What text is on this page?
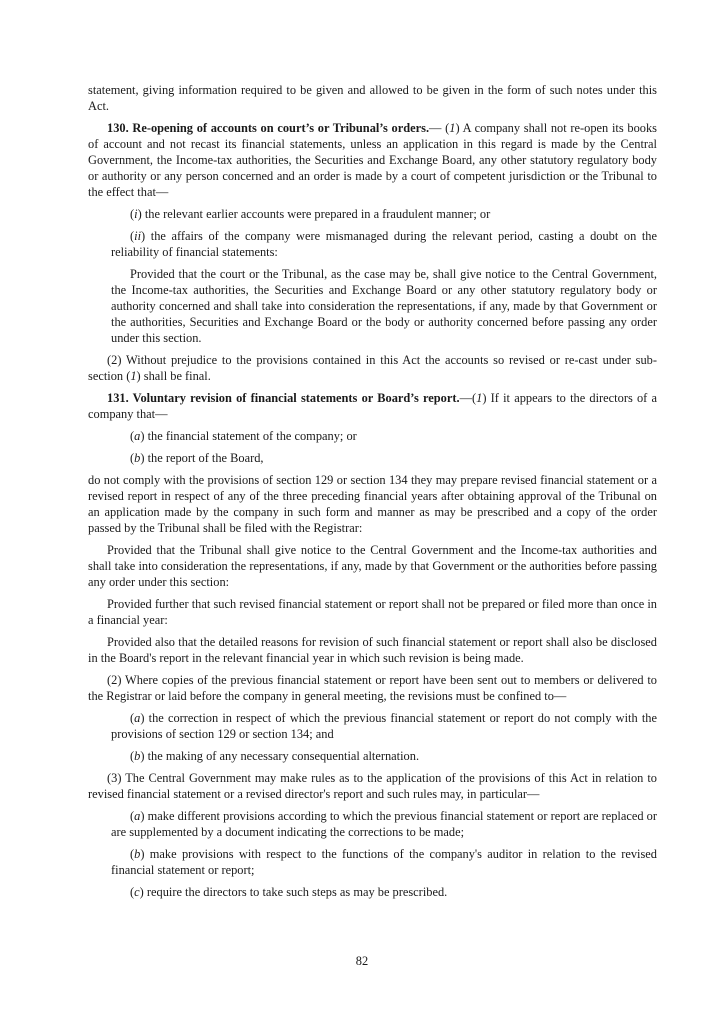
statement, giving information required to be given and allowed to be given in the form of such notes under this Act.

130. Re-opening of accounts on court’s or Tribunal’s orders.— (1) A company shall not re-open its books of account and not recast its financial statements, unless an application in this regard is made by the Central Government, the Income-tax authorities, the Securities and Exchange Board, any other statutory regulatory body or authority or any person concerned and an order is made by a court of competent jurisdiction or the Tribunal to the effect that—

(i) the relevant earlier accounts were prepared in a fraudulent manner; or

(ii) the affairs of the company were mismanaged during the relevant period, casting a doubt on the reliability of financial statements:

Provided that the court or the Tribunal, as the case may be, shall give notice to the Central Government, the Income-tax authorities, the Securities and Exchange Board or any other statutory regulatory body or authority concerned and shall take into consideration the representations, if any, made by that Government or the authorities, Securities and Exchange Board or the body or authority concerned before passing any order under this section.

(2) Without prejudice to the provisions contained in this Act the accounts so revised or re-cast under sub-section (1) shall be final.

131. Voluntary revision of financial statements or Board’s report.—(1) If it appears to the directors of a company that—

(a) the financial statement of the company; or

(b) the report of the Board,

do not comply with the provisions of section 129 or section 134 they may prepare revised financial statement or a revised report in respect of any of the three preceding financial years after obtaining approval of the Tribunal on an application made by the company in such form and manner as may be prescribed and a copy of the order passed by the Tribunal shall be filed with the Registrar:

Provided that the Tribunal shall give notice to the Central Government and the Income-tax authorities and shall take into consideration the representations, if any, made by that Government or the authorities before passing any order under this section:

Provided further that such revised financial statement or report shall not be prepared or filed more than once in a financial year:

Provided also that the detailed reasons for revision of such financial statement or report shall also be disclosed in the Board's report in the relevant financial year in which such revision is being made.

(2) Where copies of the previous financial statement or report have been sent out to members or delivered to the Registrar or laid before the company in general meeting, the revisions must be confined to—

(a) the correction in respect of which the previous financial statement or report do not comply with the provisions of section 129 or section 134; and

(b) the making of any necessary consequential alternation.

(3) The Central Government may make rules as to the application of the provisions of this Act in relation to revised financial statement or a revised director's report and such rules may, in particular—

(a) make different provisions according to which the previous financial statement or report are replaced or are supplemented by a document indicating the corrections to be made;

(b) make provisions with respect to the functions of the company's auditor in relation to the revised financial statement or report;

(c) require the directors to take such steps as may be prescribed.

82
